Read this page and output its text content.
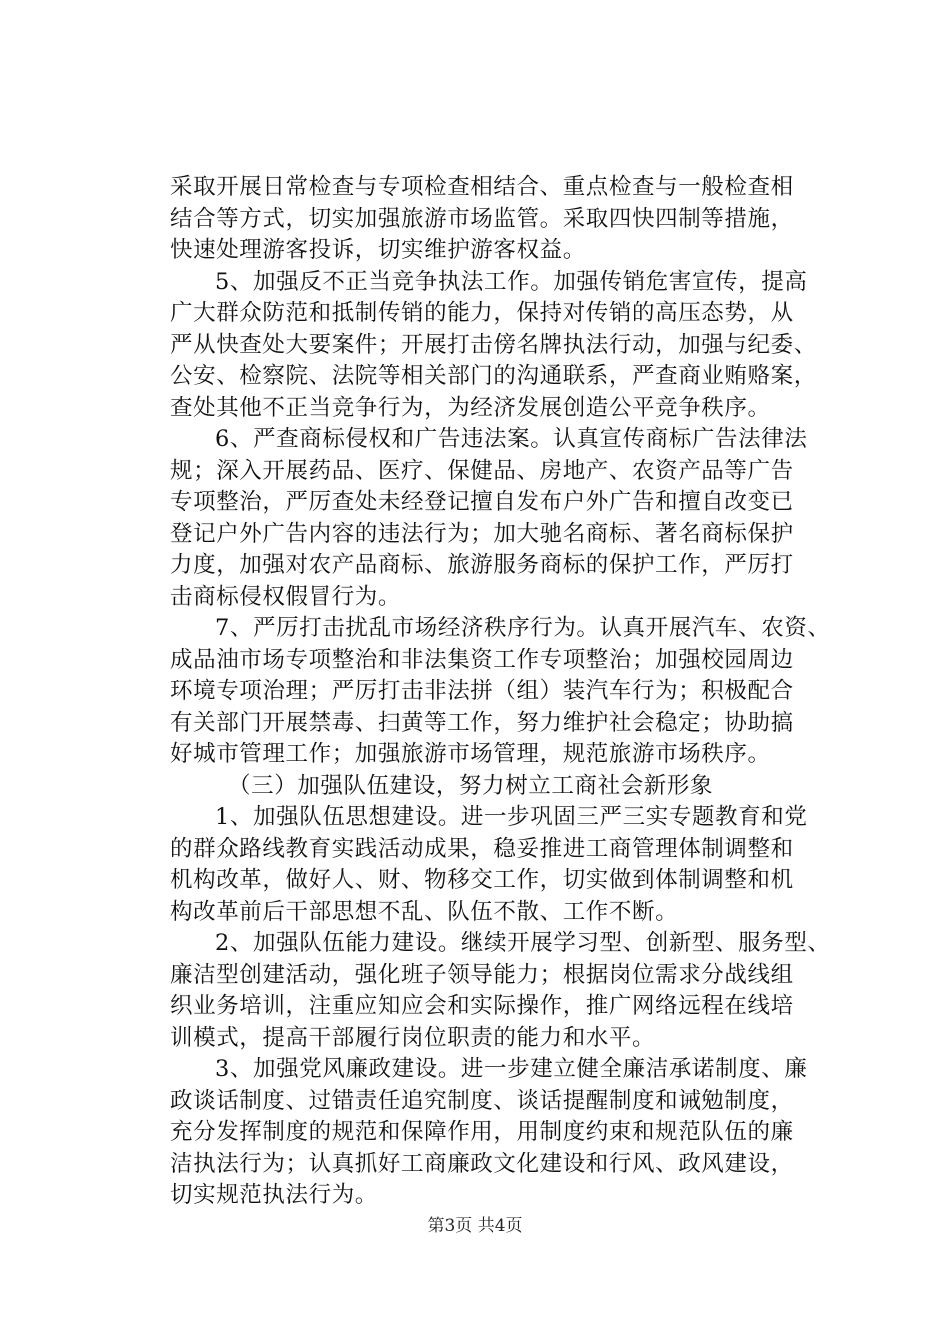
采取开展日常检查与专项检查相结合、重点检查与一般检查相
结合等方式，切实加强旅游市场监管。采取四快四制等措施，
快速处理游客投诉，切实维护游客权益。
5、加强反不正当竞争执法工作。加强传销危害宣传，提高
广大群众防范和抵制传销的能力，保持对传销的高压态势，从
严从快查处大要案件；开展打击傍名牌执法行动，加强与纪委、
公安、检察院、法院等相关部门的沟通联系，严查商业贿赂案，
查处其他不正当竞争行为，为经济发展创造公平竞争秩序。
6、严查商标侵权和广告违法案。认真宣传商标广告法律法
规；深入开展药品、医疗、保健品、房地产、农资产品等广告
专项整治，严厉查处未经登记擅自发布户外广告和擅自改变已
登记户外广告内容的违法行为；加大驰名商标、著名商标保护
力度，加强对农产品商标、旅游服务商标的保护工作，严厉打
击商标侵权假冒行为。
7、严厉打击扰乱市场经济秩序行为。认真开展汽车、农资、
成品油市场专项整治和非法集资工作专项整治；加强校园周边
环境专项治理；严厉打击非法拼（组）装汽车行为；积极配合
有关部门开展禁毒、扫黄等工作，努力维护社会稳定；协助搞
好城市管理工作；加强旅游市场管理，规范旅游市场秩序。
（三）加强队伍建设，努力树立工商社会新形象
1、加强队伍思想建设。进一步巩固三严三实专题教育和党
的群众路线教育实践活动成果，稳妥推进工商管理体制调整和
机构改革，做好人、财、物移交工作，切实做到体制调整和机
构改革前后干部思想不乱、队伍不散、工作不断。
2、加强队伍能力建设。继续开展学习型、创新型、服务型、
廉洁型创建活动，强化班子领导能力；根据岗位需求分战线组
织业务培训，注重应知应会和实际操作，推广网络远程在线培
训模式，提高干部履行岗位职责的能力和水平。
3、加强党风廉政建设。进一步建立健全廉洁承诺制度、廉
政谈话制度、过错责任追究制度、谈话提醒制度和诫勉制度，
充分发挥制度的规范和保障作用，用制度约束和规范队伍的廉
洁执法行为；认真抓好工商廉政文化建设和行风、政风建设，
切实规范执法行为。
第3页 共4页
